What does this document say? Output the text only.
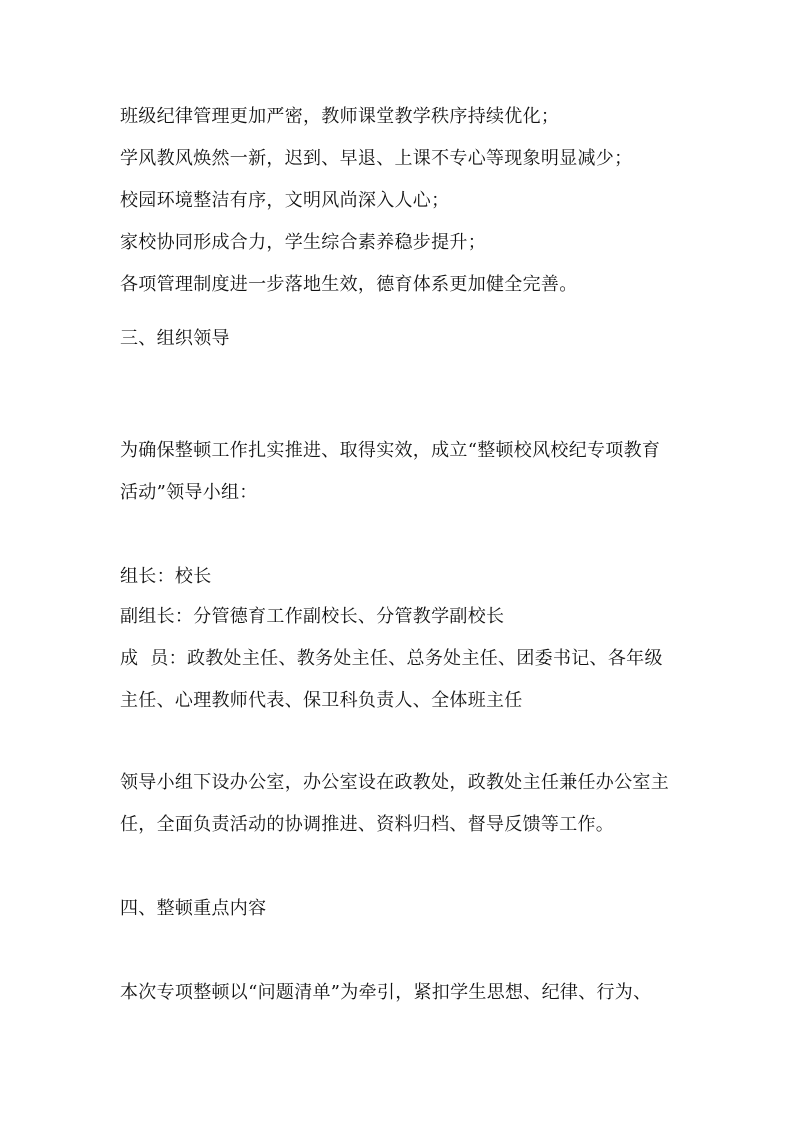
班级纪律管理更加严密，教师课堂教学秩序持续优化；
学风教风焕然一新，迟到、早退、上课不专心等现象明显减少；
校园环境整洁有序，文明风尚深入人心；
家校协同形成合力，学生综合素养稳步提升；
各项管理制度进一步落地生效，德育体系更加健全完善。
三、组织领导
为确保整顿工作扎实推进、取得实效，成立“整顿校风校纪专项教育
活动”领导小组：
组长：校长
副组长：分管德育工作副校长、分管教学副校长
成  员：政教处主任、教务处主任、总务处主任、团委书记、各年级
主任、心理教师代表、保卫科负责人、全体班主任
领导小组下设办公室，办公室设在政教处，政教处主任兼任办公室主
任，全面负责活动的协调推进、资料归档、督导反馈等工作。
四、整顿重点内容
本次专项整顿以“问题清单”为牵引，紧扣学生思想、纪律、行为、
